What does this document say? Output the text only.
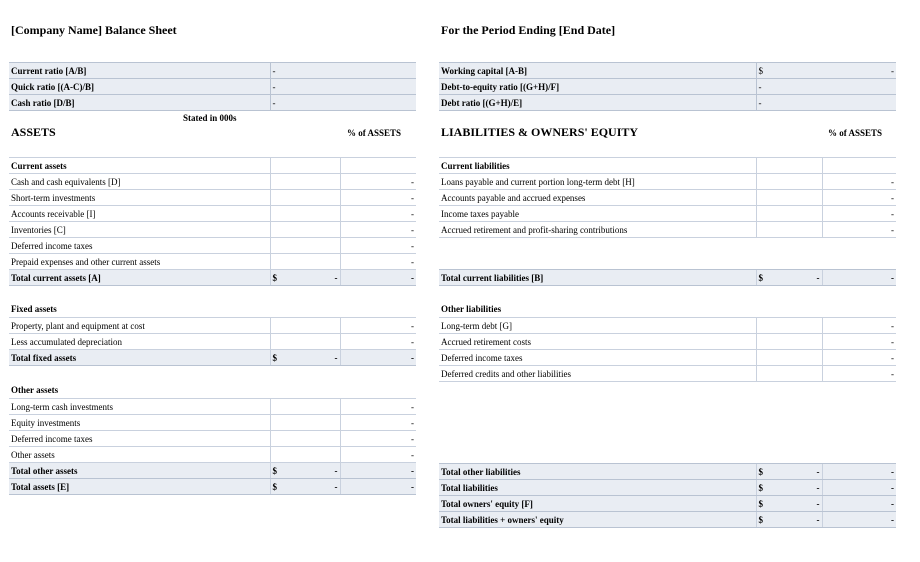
[Company Name] Balance Sheet	For the Period Ending [End Date]
Current ratio [A/B]	-
Quick ratio [(A-C)/B]	-
Cash ratio [D/B]	-
Working capital [A-B]	$ -

Debt-to-equity ratio [(G+H)/F]	-
Debt ratio [(G+H)/E]	-
Stated in 000s
ASSETS	% of ASSETS	LIABILITIES & OWNERS' EQUITY	% of ASSETS
Current assets		
Cash and cash equivalents [D]		-
Short-term investments		-
Accounts receivable [I]		-
Inventories [C]		-
Deferred income taxes		-
Prepaid expenses and other current assets		-
Total current assets [A]	$ -	-
Fixed assets
Property, plant and equipment at cost		-
Less accumulated depreciation		-
Total fixed assets	$ -	-
Other assets
Long-term cash investments		-
Equity investments		-
Deferred income taxes		-
Other assets		-
Total other assets	$ -	-
Total assets [E]	$ -	-
Current liabilities		
Loans payable and current portion long-term debt [H]		-
Accounts payable and accrued expenses		-
Income taxes payable		-
Accrued retirement and profit-sharing contributions		-
Total current liabilities [B]	$	-	-
Other liabilities
Long-term debt [G]		-
Accrued retirement costs		-
Deferred income taxes		-
Deferred credits and other liabilities		-
Total other liabilities	$ -	-
Total liabilities	$ -	-
Total owners' equity [F]	$ -	-
Total liabilities + owners' equity	$ -	-
